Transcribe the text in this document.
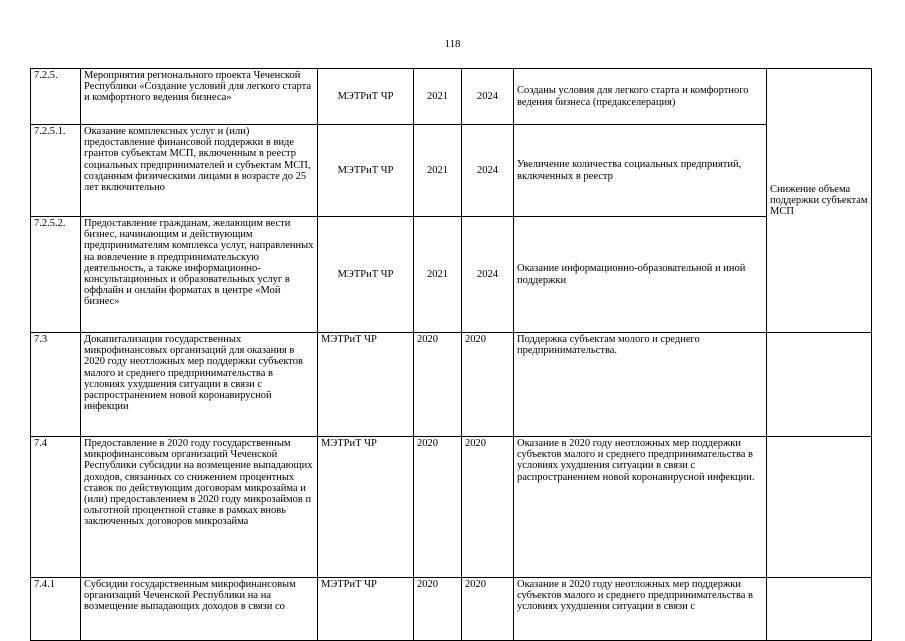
118
7.2.5.	Мероприятия регионального проекта Чеченской Республики «Создание условий для легкого старта и комфортного ведения бизнеса»	МЭТРиТ ЧР	2021	2024	Созданы условия для легкого старта и комфортного ведения бизнеса (предакселерация)	Снижение объема поддержки субъектам МСП
7.2.5.1.	Оказание комплексных услуг и (или) предоставление финансовой поддержки в виде грантов субъектам МСП, включенным в реестр социальных предпринимателей и субъектам МСП, созданным физическими лицами в возрасте до 25 лет включительно	МЭТРиТ ЧР	2021	2024	Увеличение количества социальных предприятий, включенных в реестр	
7.2.5.2.	Предоставление гражданам, желающим вести бизнес, начинающим и действующим предпринимателям комплекса услуг, направленных на вовлечение в предпринимательскую деятельность, а также информационно-консультационных и образовательных услуг в оффлайн и онлайн форматах в центре «Мой бизнес»	МЭТРиТ ЧР	2021	2024	Оказание информационно-образовательной и иной поддержки	
7.3	Докапитализация государственных микрофинансовых организаций для оказания в 2020 году неотложных мер поддержки субъектов малого и среднего предпринимательства в условиях ухудшения ситуации в связи с распространением новой коронавирусной инфекции	МЭТРиТ ЧР	2020	2020	Поддержка субъектам молого и среднего предпринимательства.	
7.4	Предоставление в 2020 году государственным микрофинансовым организаций Чеченской Республики субсидии на возмещение выпадающих доходов, связанных со снижением процентных ставок по действующим договорам микрозайма и (или) предоставлением в 2020 году микрозаймов п ольготной процентной ставке в рамках вновь заключенных договоров микрозайма	МЭТРиТ ЧР	2020	2020	Оказание в 2020 году неотложных мер поддержки субъектов малого и среднего предпринимательства в условиях ухудшения ситуации в связи с распространением новой коронавирусной инфекции.	
7.4.1	Субсидии государственным микрофинансовым организаций Чеченской Республики на на возмещение выпадающих доходов в связи со	МЭТРиТ ЧР	2020	2020	Оказание в 2020 году неотложных мер поддержки субъектов малого и среднего предпринимательства в условиях ухудшения ситуации в связи с	
